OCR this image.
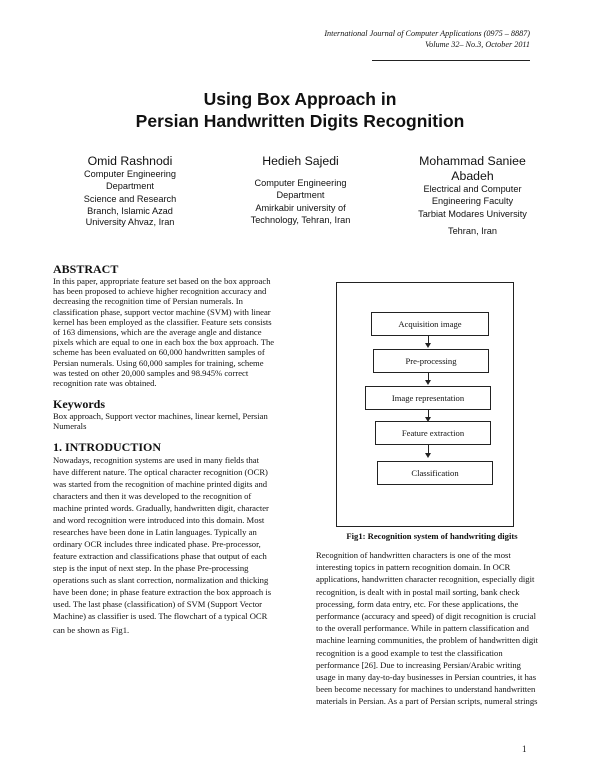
International Journal of Computer Applications (0975 – 8887)
Volume 32– No.3, October 2011
Using Box Approach in
Persian Handwritten Digits Recognition
Omid Rashnodi
Computer Engineering
Department
Science and Research
Branch, Islamic Azad
University Ahvaz, Iran
Hedieh Sajedi
Computer Engineering
Department
Amirkabir university of
Technology, Tehran, Iran
Mohammad Saniee
Abadeh
Electrical and Computer
Engineering Faculty
Tarbiat Modares University
Tehran, Iran
ABSTRACT
In this paper, appropriate feature set based on the box approach
has been proposed to achieve higher recognition accuracy and
decreasing the recognition time of Persian numerals. In
classification phase, support vector machine (SVM) with linear
kernel has been employed as the classifier. Feature sets consists
of 163 dimensions, which are the average angle and distance
pixels which are equal to one in each box the box approach. The
scheme has been evaluated on 60,000 handwritten samples of
Persian numerals. Using 60,000 samples for training, scheme
was tested on other 20,000 samples and 98.945% correct
recognition rate was obtained.
Keywords
Box approach, Support vector machines, linear kernel, Persian
Numerals
1. INTRODUCTION
Nowadays, recognition systems are used in many fields that
have different nature. The optical character recognition (OCR)
was started from the recognition of machine printed digits and
characters and then it was developed to the recognition of
machine printed words. Gradually, handwritten digit, character
and word recognition were introduced into this domain. Most
researches have been done in Latin languages. Typically an
ordinary OCR includes three indicated phase. Pre-processor,
feature extraction and classifications phase that output of each
step is the input of next step. In the phase Pre-processing
operations such as slant correction, normalization and thicking
have been done; in phase feature extraction the box approach is
used. The last phase (classification) of SVM (Support Vector
Machine) as classifier is used. The flowchart of a typical OCR
can be shown as Fig1.
Acquisition image
Pre-processing
Image representation
Feature extraction
Classification
Fig1: Recognition system of handwriting digits
Recognition of handwritten characters is one of the most
interesting topics in pattern recognition domain. In OCR
applications, handwritten character recognition, especially digit
recognition, is dealt with in postal mail sorting, bank check
processing, form data entry, etc. For these applications, the
performance (accuracy and speed) of digit recognition is crucial
to the overall performance. While in pattern classification and
machine learning communities, the problem of handwritten digit
recognition is a good example to test the classification
performance [26]. Due to increasing Persian/Arabic writing
usage in many day-to-day businesses in Persian countries, it has
been become necessary for machines to understand handwritten
materials in Persian. As a part of Persian scripts, numeral strings
1
